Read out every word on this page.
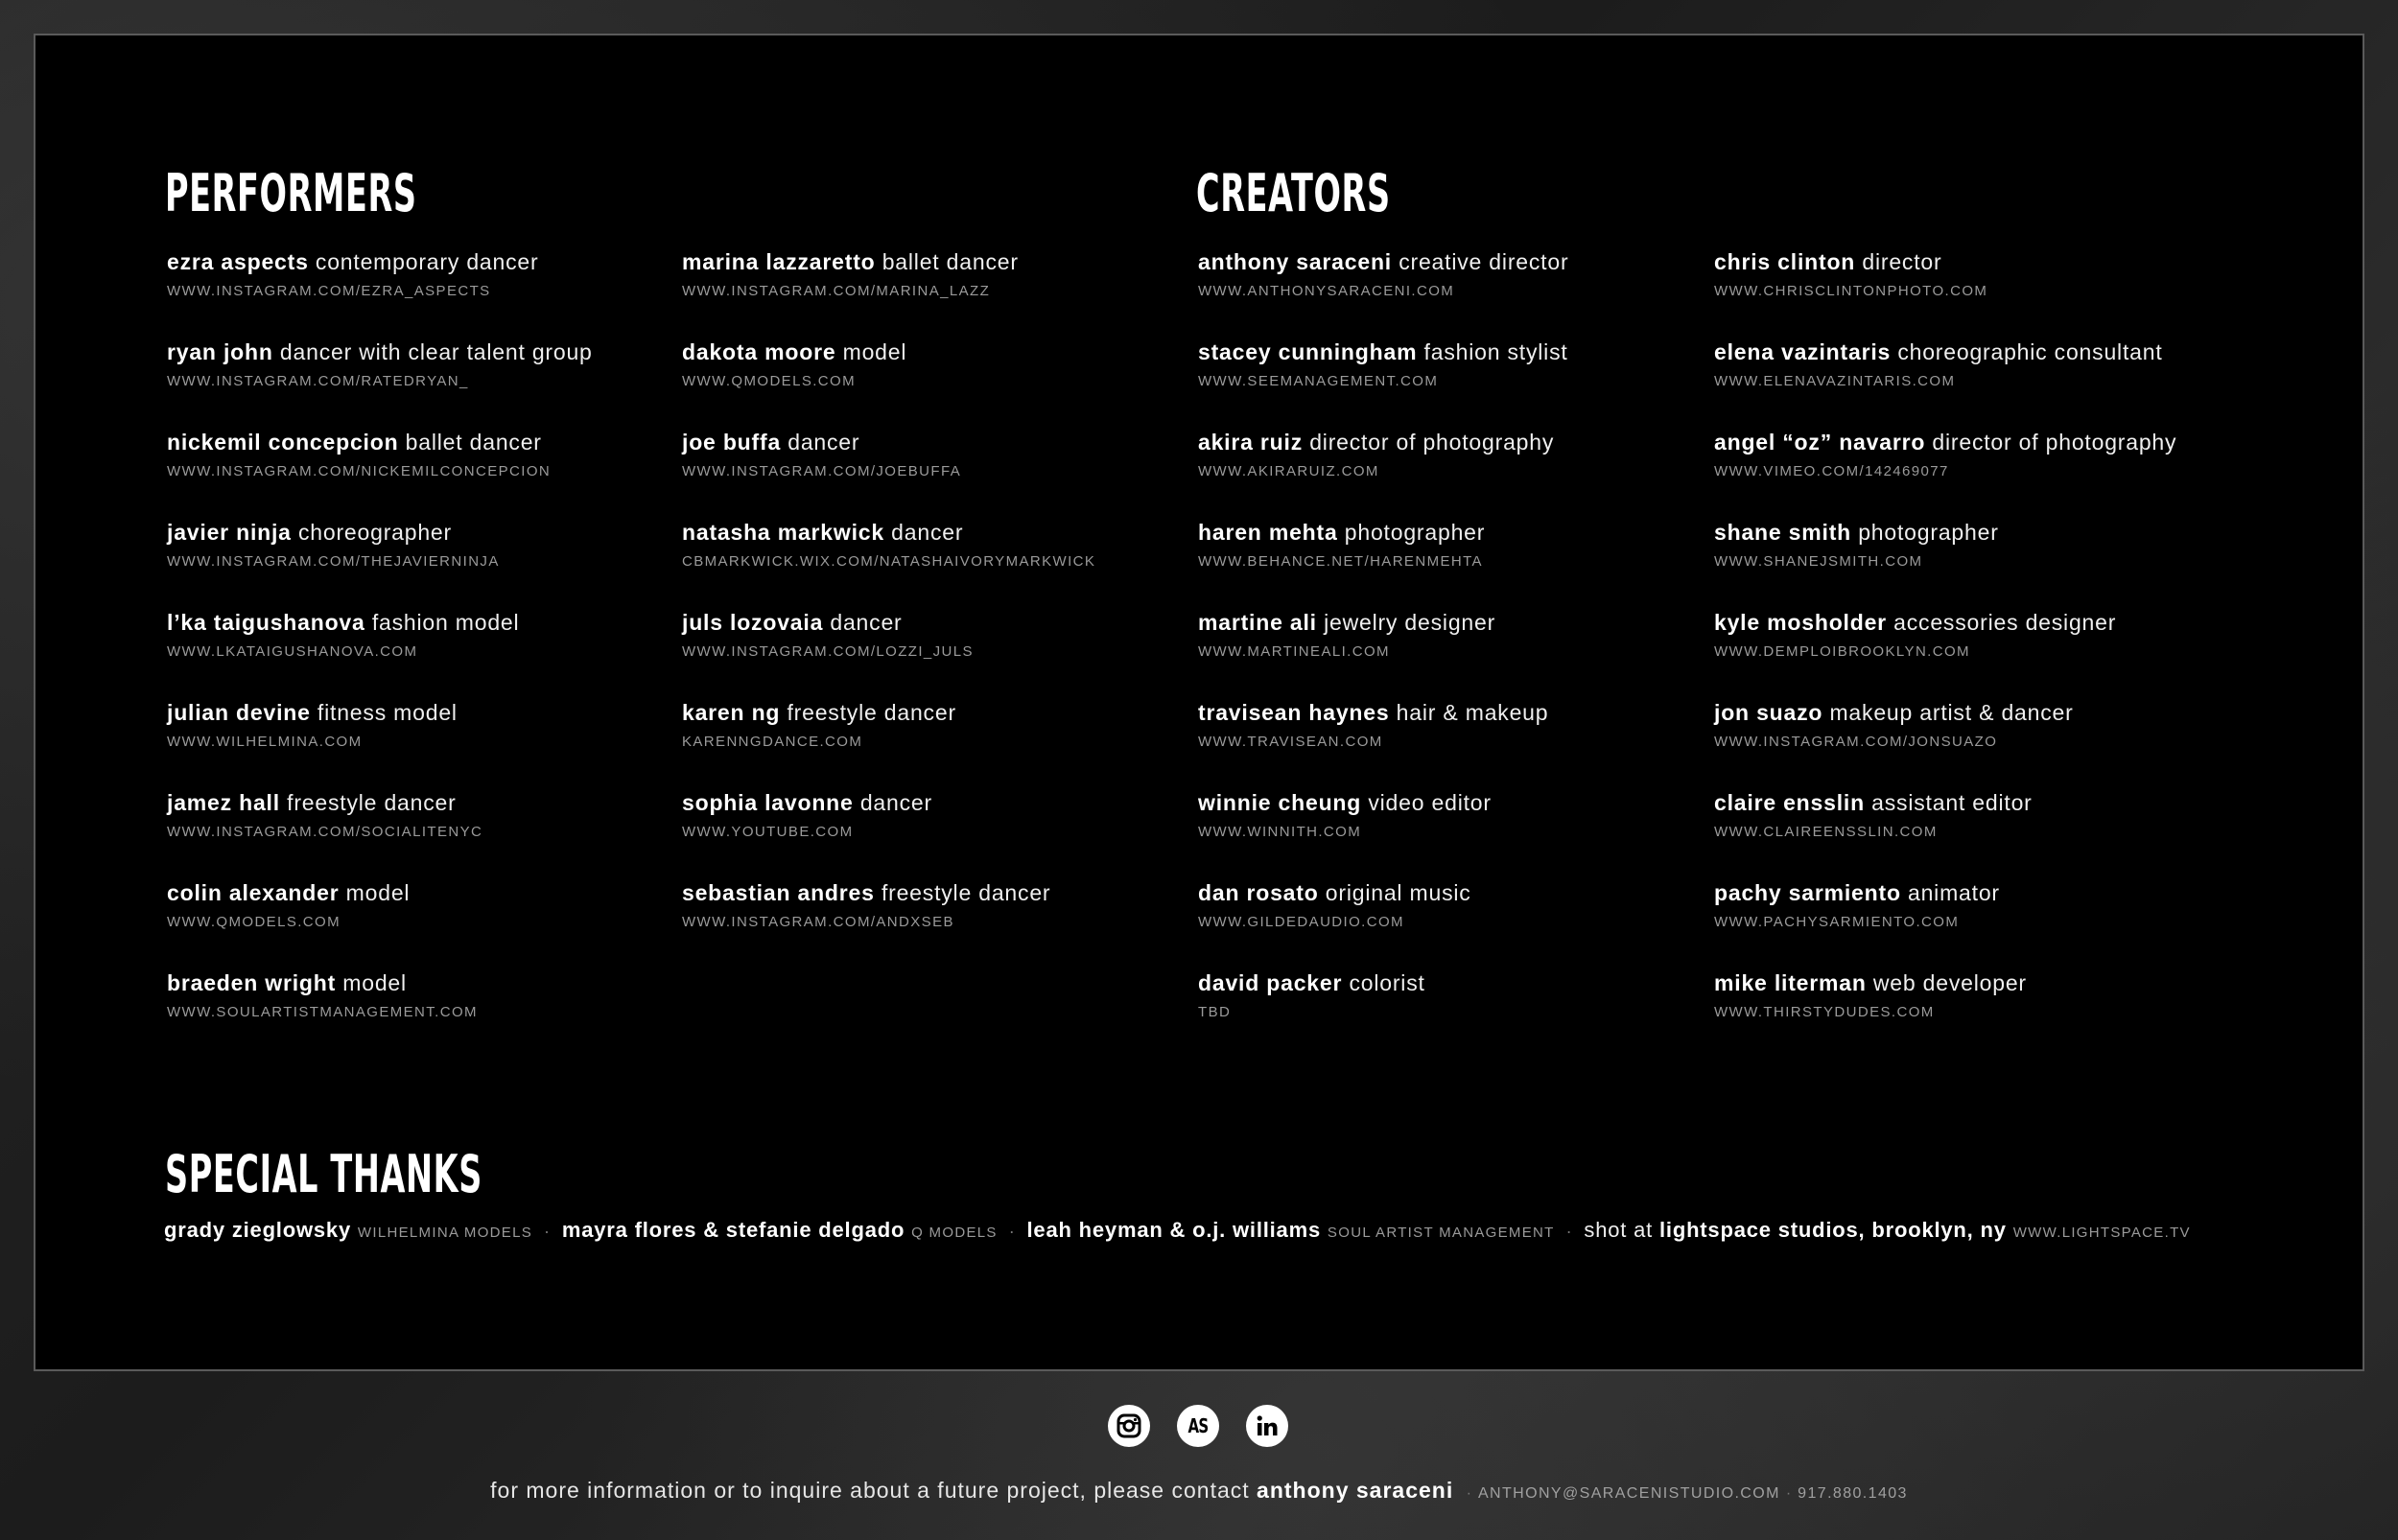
PERFORMERS	CREATORS
ezra aspects contemporary dancer
WWW.INSTAGRAM.COM/EZRA_ASPECTS
ryan john dancer with clear talent group
WWW.INSTAGRAM.COM/RATEDRYAN_
nickemil concepcion ballet dancer
WWW.INSTAGRAM.COM/NICKEMILCONCEPCION
javier ninja choreographer
WWW.INSTAGRAM.COM/THEJAVIERNINJA
l’ka taigushanova fashion model
WWW.LKATAIGUSHANOVA.COM
julian devine fitness model
WWW.WILHELMINA.COM
jamez hall freestyle dancer
WWW.INSTAGRAM.COM/SOCIALITENYC
colin alexander model
WWW.QMODELS.COM
braeden wright model
WWW.SOULARTISTMANAGEMENT.COM
marina lazzaretto ballet dancer
WWW.INSTAGRAM.COM/MARINA_LAZZ
dakota moore model
WWW.QMODELS.COM
joe buffa dancer
WWW.INSTAGRAM.COM/JOEBUFFA
natasha markwick dancer
CBMARKWICK.WIX.COM/NATASHAIVORYMARKWICK
juls lozovaia dancer
WWW.INSTAGRAM.COM/LOZZI_JULS
karen ng freestyle dancer
KARENNGDANCE.COM
sophia lavonne dancer
WWW.YOUTUBE.COM
sebastian andres freestyle dancer
WWW.INSTAGRAM.COM/ANDXSEB
anthony saraceni creative director
WWW.ANTHONYSARACENI.COM
stacey cunningham fashion stylist
WWW.SEEMANAGEMENT.COM
akira ruiz director of photography
WWW.AKIRARUIZ.COM
haren mehta photographer
WWW.BEHANCE.NET/HARENMEHTA
martine ali jewelry designer
WWW.MARTINEALI.COM
travisean haynes hair & makeup
WWW.TRAVISEAN.COM
winnie cheung video editor
WWW.WINNITH.COM
dan rosato original music
WWW.GILDEDAUDIO.COM
david packer colorist
TBD
chris clinton director
WWW.CHRISCLINTONPHOTO.COM
elena vazintaris choreographic consultant
WWW.ELENAVAZINTARIS.COM
angel “oz” navarro director of photography
WWW.VIMEO.COM/142469077
shane smith photographer
WWW.SHANEJSMITH.COM
kyle mosholder accessories designer
WWW.DEMPLOIBROOKLYN.COM
jon suazo makeup artist & dancer
WWW.INSTAGRAM.COM/JONSUAZO
claire ensslin assistant editor
WWW.CLAIREENSSLIN.COM
pachy sarmiento animator
WWW.PACHYSARMIENTO.COM
mike literman web developer
WWW.THIRSTYDUDES.COM
SPECIAL THANKS
grady zieglowsky WILHELMINA MODELS · mayra flores & stefanie delgado Q MODELS · leah heyman & o.j. williams SOUL ARTIST MANAGEMENT · shot at lightspace studios, brooklyn, ny WWW.LIGHTSPACE.TV
AS
for more information or to inquire about a future project, please contact anthony saraceni · ANTHONY@SARACENISTUDIO.COM · 917.880.1403
